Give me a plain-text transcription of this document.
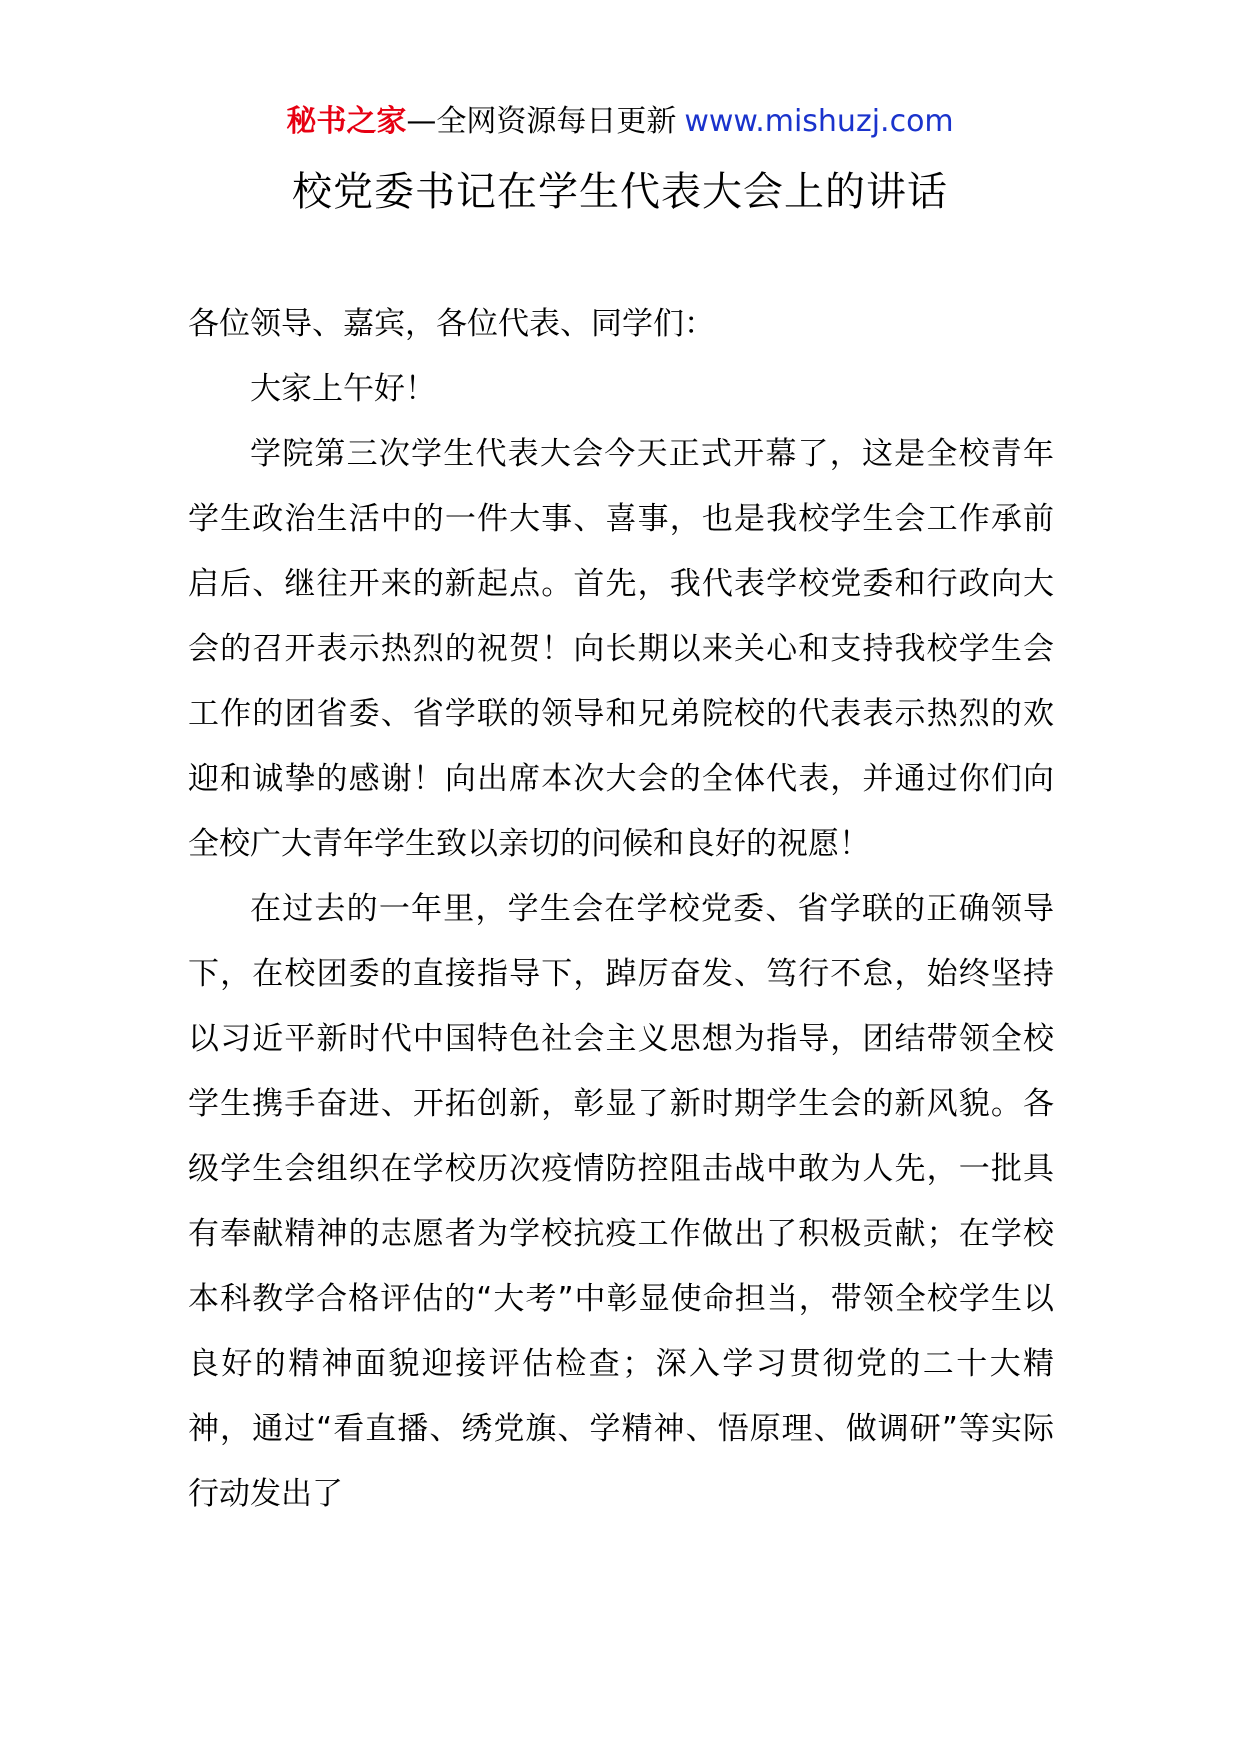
秘书之家—全网资源每日更新 www.mishuzj.com
校党委书记在学生代表大会上的讲话

各位领导、嘉宾，各位代表、同学们：

大家上午好！

学院第三次学生代表大会今天正式开幕了，这是全校青年学生政治生活中的一件大事、喜事，也是我校学生会工作承前启后、继往开来的新起点。首先，我代表学校党委和行政向大会的召开表示热烈的祝贺！向长期以来关心和支持我校学生会工作的团省委、省学联的领导和兄弟院校的代表表示热烈的欢迎和诚挚的感谢！向出席本次大会的全体代表，并通过你们向全校广大青年学生致以亲切的问候和良好的祝愿！

在过去的一年里，学生会在学校党委、省学联的正确领导下，在校团委的直接指导下，踔厉奋发、笃行不怠，始终坚持以习近平新时代中国特色社会主义思想为指导，团结带领全校学生携手奋进、开拓创新，彰显了新时期学生会的新风貌。各级学生会组织在学校历次疫情防控阻击战中敢为人先，一批具有奉献精神的志愿者为学校抗疫工作做出了积极贡献；在学校本科教学合格评估的“大考”中彰显使命担当，带领全校学生以良好的精神面貌迎接评估检查；深入学习贯彻党的二十大精神，通过“看直播、绣党旗、学精神、悟原理、做调研”等实际行动发出了
